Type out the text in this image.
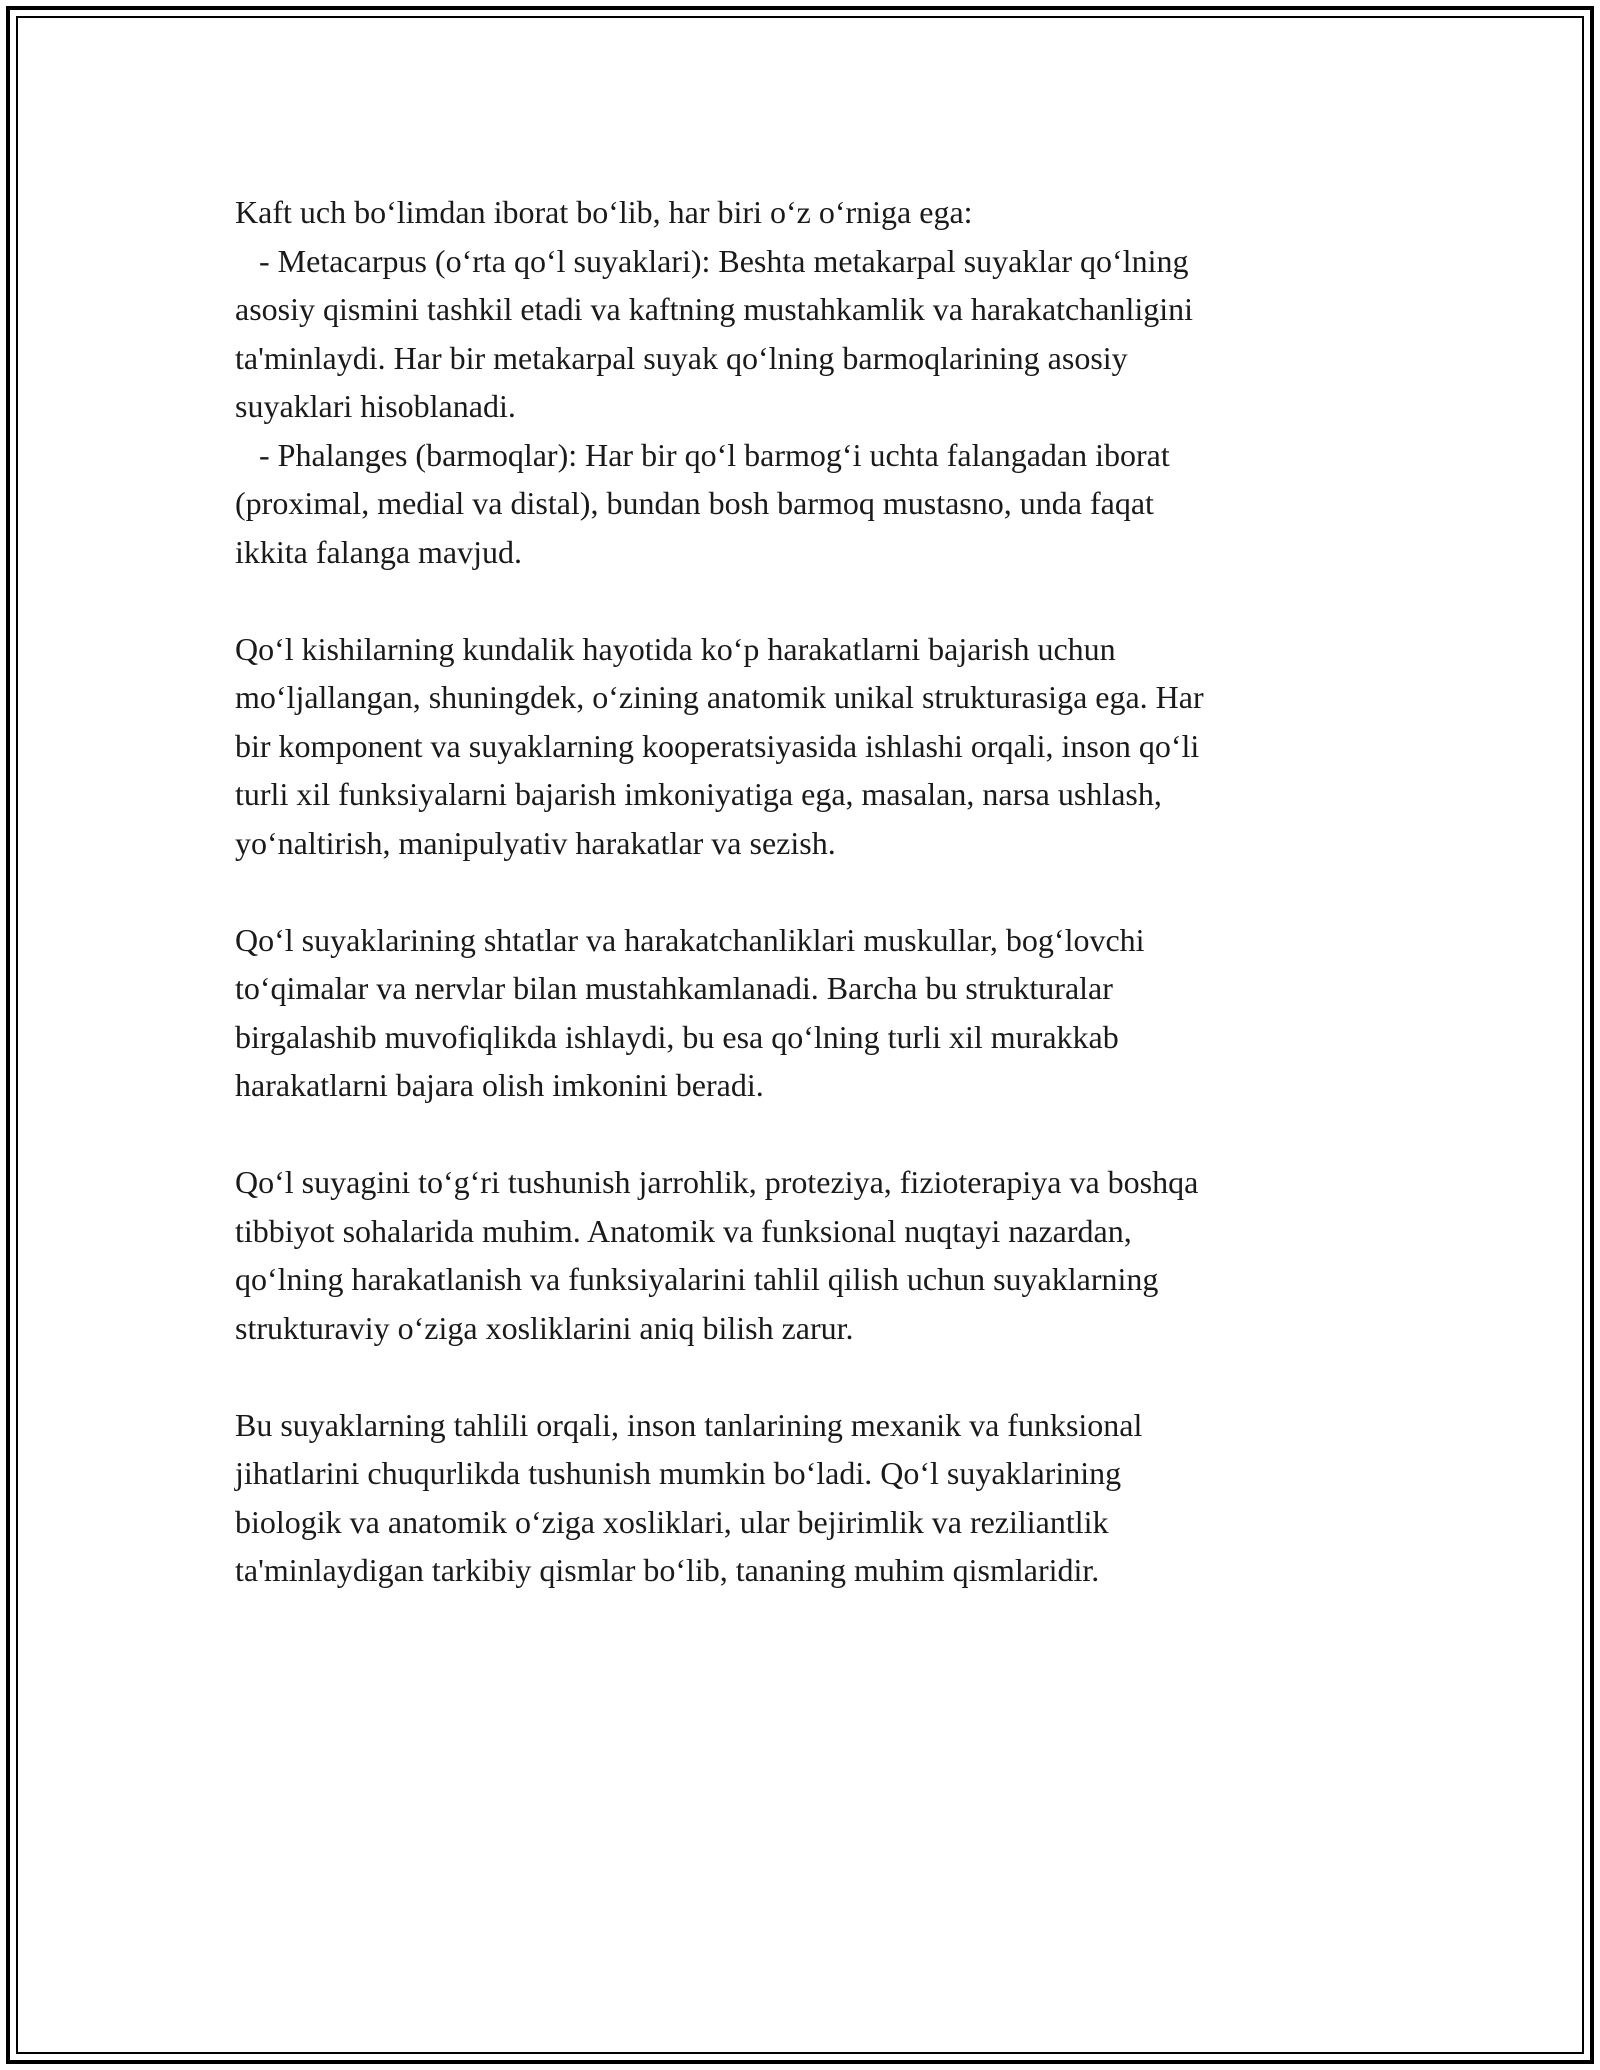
Kaft uch bo‘limdan iborat bo‘lib, har biri o‘z o‘rniga ega:
- Metacarpus (o‘rta qo‘l suyaklari): Beshta metakarpal suyaklar qo‘lning
asosiy qismini tashkil etadi va kaftning mustahkamlik va harakatchanligini
ta'minlaydi. Har bir metakarpal suyak qo‘lning barmoqlarining asosiy
suyaklari hisoblanadi.
- Phalanges (barmoqlar): Har bir qo‘l barmog‘i uchta falangadan iborat
(proximal, medial va distal), bundan bosh barmoq mustasno, unda faqat
ikkita falanga mavjud.

Qo‘l kishilarning kundalik hayotida ko‘p harakatlarni bajarish uchun
mo‘ljallangan, shuningdek, o‘zining anatomik unikal strukturasiga ega. Har
bir komponent va suyaklarning kooperatsiyasida ishlashi orqali, inson qo‘li
turli xil funksiyalarni bajarish imkoniyatiga ega, masalan, narsa ushlash,
yo‘naltirish, manipulyativ harakatlar va sezish.

Qo‘l suyaklarining shtatlar va harakatchanliklari muskullar, bog‘lovchi
to‘qimalar va nervlar bilan mustahkamlanadi. Barcha bu strukturalar
birgalashib muvofiqlikda ishlaydi, bu esa qo‘lning turli xil murakkab
harakatlarni bajara olish imkonini beradi.

Qo‘l suyagini to‘g‘ri tushunish jarrohlik, proteziya, fizioterapiya va boshqa
tibbiyot sohalarida muhim. Anatomik va funksional nuqtayi nazardan,
qo‘lning harakatlanish va funksiyalarini tahlil qilish uchun suyaklarning
strukturaviy o‘ziga xosliklarini aniq bilish zarur.

Bu suyaklarning tahlili orqali, inson tanlarining mexanik va funksional
jihatlarini chuqurlikda tushunish mumkin bo‘ladi. Qo‘l suyaklarining
biologik va anatomik o‘ziga xosliklari, ular bejirimlik va reziliantlik
ta'minlaydigan tarkibiy qismlar bo‘lib, tananing muhim qismlaridir.
